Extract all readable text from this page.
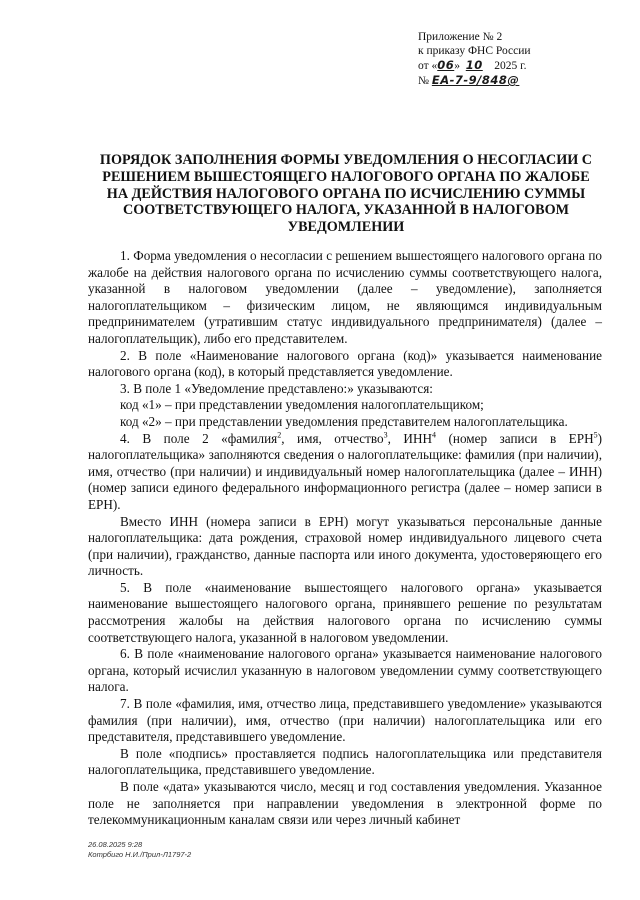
Приложение № 2
к приказу ФНС России
от «06» 10 2025 г.
№ ЕА-7-9/848@
ПОРЯДОК ЗАПОЛНЕНИЯ ФОРМЫ УВЕДОМЛЕНИЯ О НЕСОГЛАСИИ С РЕШЕНИЕМ ВЫШЕСТОЯЩЕГО НАЛОГОВОГО ОРГАНА ПО ЖАЛОБЕ НА ДЕЙСТВИЯ НАЛОГОВОГО ОРГАНА ПО ИСЧИСЛЕНИЮ СУММЫ СООТВЕТСТВУЮЩЕГО НАЛОГА, УКАЗАННОЙ В НАЛОГОВОМ УВЕДОМЛЕНИИ

1. Форма уведомления о несогласии с решением вышестоящего налогового органа по жалобе на действия налогового органа по исчислению суммы соответствующего налога, указанной в налоговом уведомлении (далее – уведомление), заполняется налогоплательщиком – физическим лицом, не являющимся индивидуальным предпринимателем (утратившим статус индивидуального предпринимателя) (далее – налогоплательщик), либо его представителем.

2. В поле «Наименование налогового органа (код)» указывается наименование налогового органа (код), в который представляется уведомление.

3. В поле 1 «Уведомление представлено:» указываются:

код «1» – при представлении уведомления налогоплательщиком;

код «2» – при представлении уведомления представителем налогоплательщика.

4. В поле 2 «фамилия$^2$, имя, отчество$^3$, ИНН$^4$ (номер записи в ЕРН$^5$) налогоплательщика» заполняются сведения о налогоплательщике: фамилия (при наличии), имя, отчество (при наличии) и индивидуальный номер налогоплательщика (далее – ИНН) (номер записи единого федерального информационного регистра (далее – номер записи в ЕРН).

Вместо ИНН (номера записи в ЕРН) могут указываться персональные данные налогоплательщика: дата рождения, страховой номер индивидуального лицевого счета (при наличии), гражданство, данные паспорта или иного документа, удостоверяющего его личность.

5. В поле «наименование вышестоящего налогового органа» указывается наименование вышестоящего налогового органа, принявшего решение по результатам рассмотрения жалобы на действия налогового органа по исчислению суммы соответствующего налога, указанной в налоговом уведомлении.

6. В поле «наименование налогового органа» указывается наименование налогового органа, который исчислил указанную в налоговом уведомлении сумму соответствующего налога.

7. В поле «фамилия, имя, отчество лица, представившего уведомление» указываются фамилия (при наличии), имя, отчество (при наличии) налогоплательщика или его представителя, представившего уведомление.

В поле «подпись» проставляется подпись налогоплательщика или представителя налогоплательщика, представившего уведомление.

В поле «дата» указываются число, месяц и год составления уведомления. Указанное поле не заполняется при направлении уведомления в электронной форме по телекоммуникационным каналам связи или через личный кабинет

26.08.2025 9:28
Котрбиго Н.И./Прил-Л1797-2
